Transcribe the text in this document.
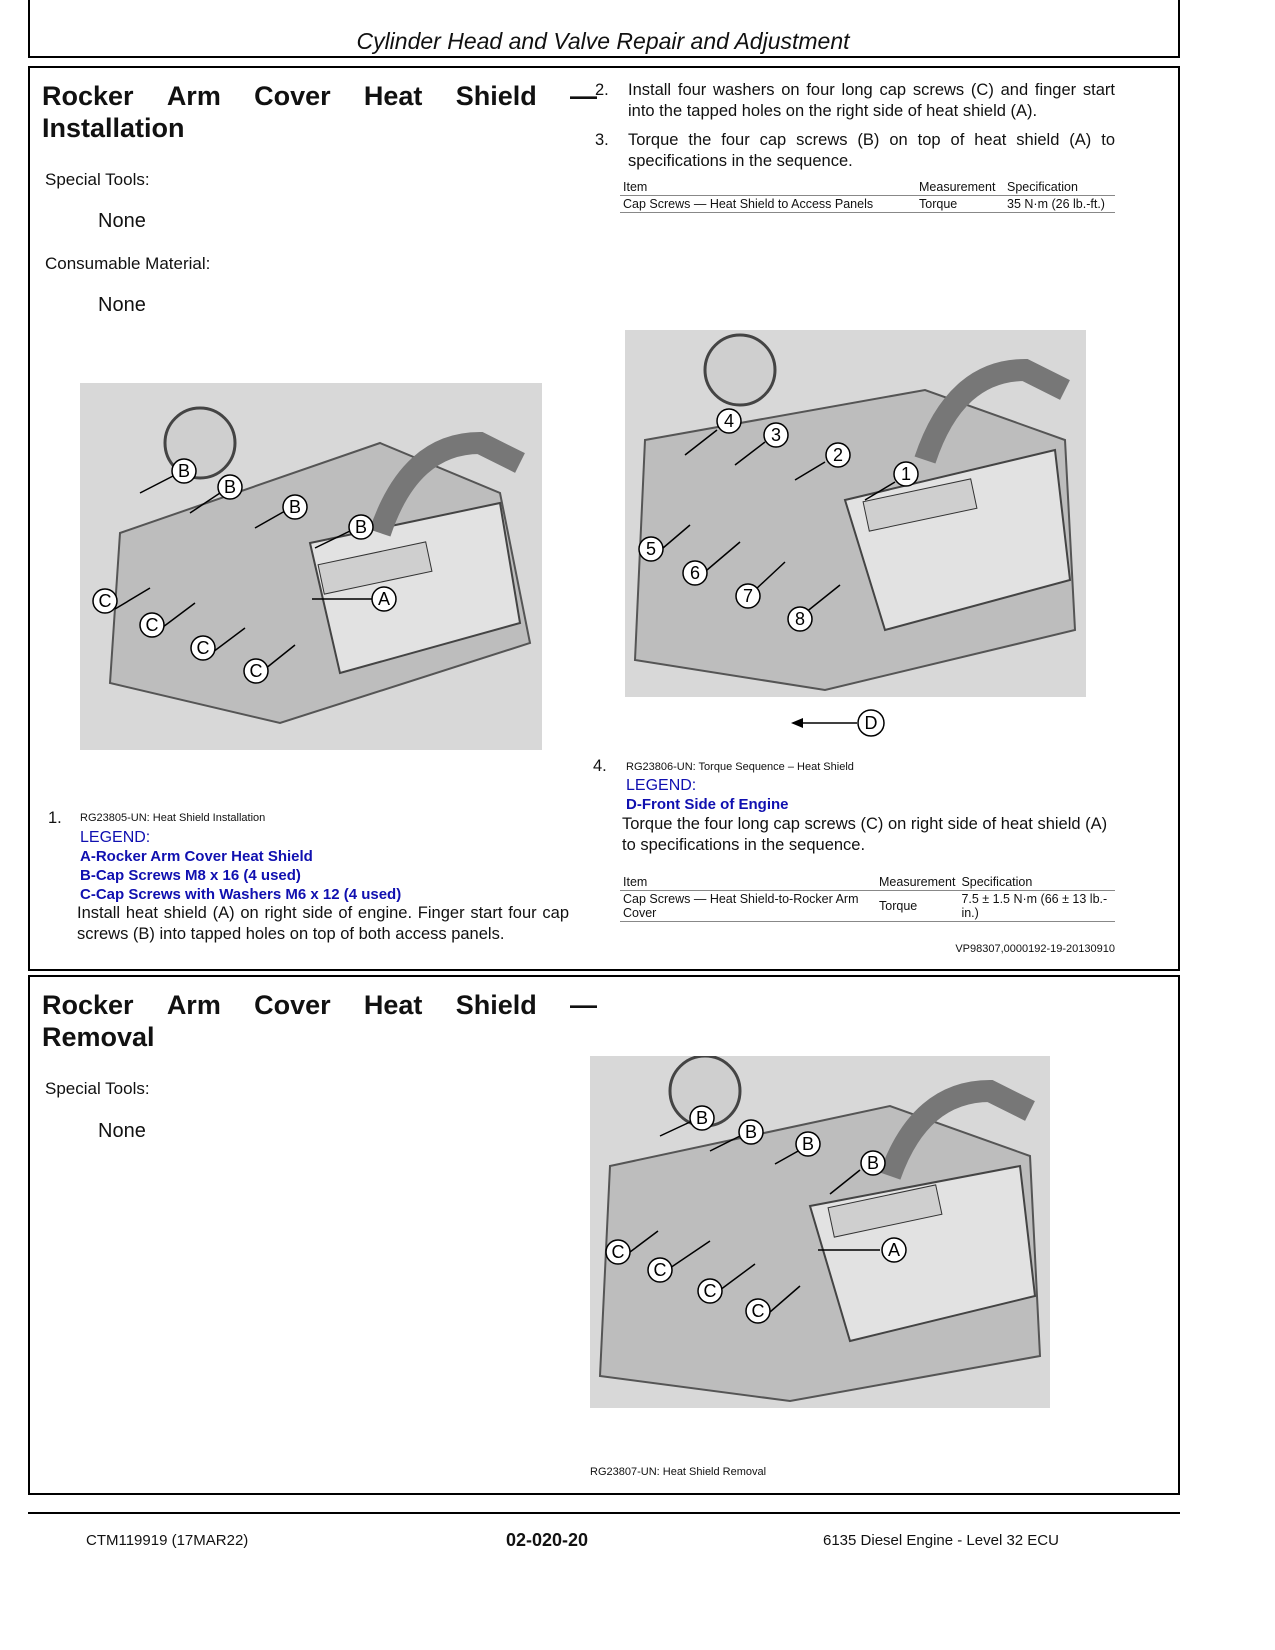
Cylinder Head and Valve Repair and Adjustment
Rocker Arm Cover Heat Shield —
Installation
Special Tools:
None
Consumable Material:
None
B
B
B
B
A
C
C
C
C
1. RG23805-UN: Heat Shield Installation
LEGEND:
A-Rocker Arm Cover Heat Shield
B-Cap Screws M8 x 16 (4 used)
C-Cap Screws with Washers M6 x 12 (4 used)
Install heat shield (A) on right side of engine. Finger start four cap screws (B) into tapped holes on top of both access panels.
2. Install four washers on four long cap screws (C) and finger start into the tapped holes on the right side of heat shield (A).
3. Torque the four cap screws (B) on top of heat shield (A) to specifications in the sequence.
Item	Measurement	Specification
Cap Screws — Heat Shield to Access Panels	Torque	35 N·m (26 lb.-ft.)
4
3
2
1
5
6
7
8
D
4. RG23806-UN: Torque Sequence – Heat Shield
LEGEND:
D-Front Side of Engine
Torque the four long cap screws (C) on right side of heat shield (A) to specifications in the sequence.
Item	Measurement	Specification
Cap Screws — Heat Shield-to-Rocker Arm Cover	Torque	7.5 ± 1.5 N·m (66 ± 13 lb.-in.)
VP98307,0000192-19-20130910
Rocker Arm Cover Heat Shield —
Removal
Special Tools:
None
B
B
B
B
A
C
C
C
C
RG23807-UN: Heat Shield Removal
CTM119919 (17MAR22)	02-020-20	6135 Diesel Engine - Level 32 ECU
